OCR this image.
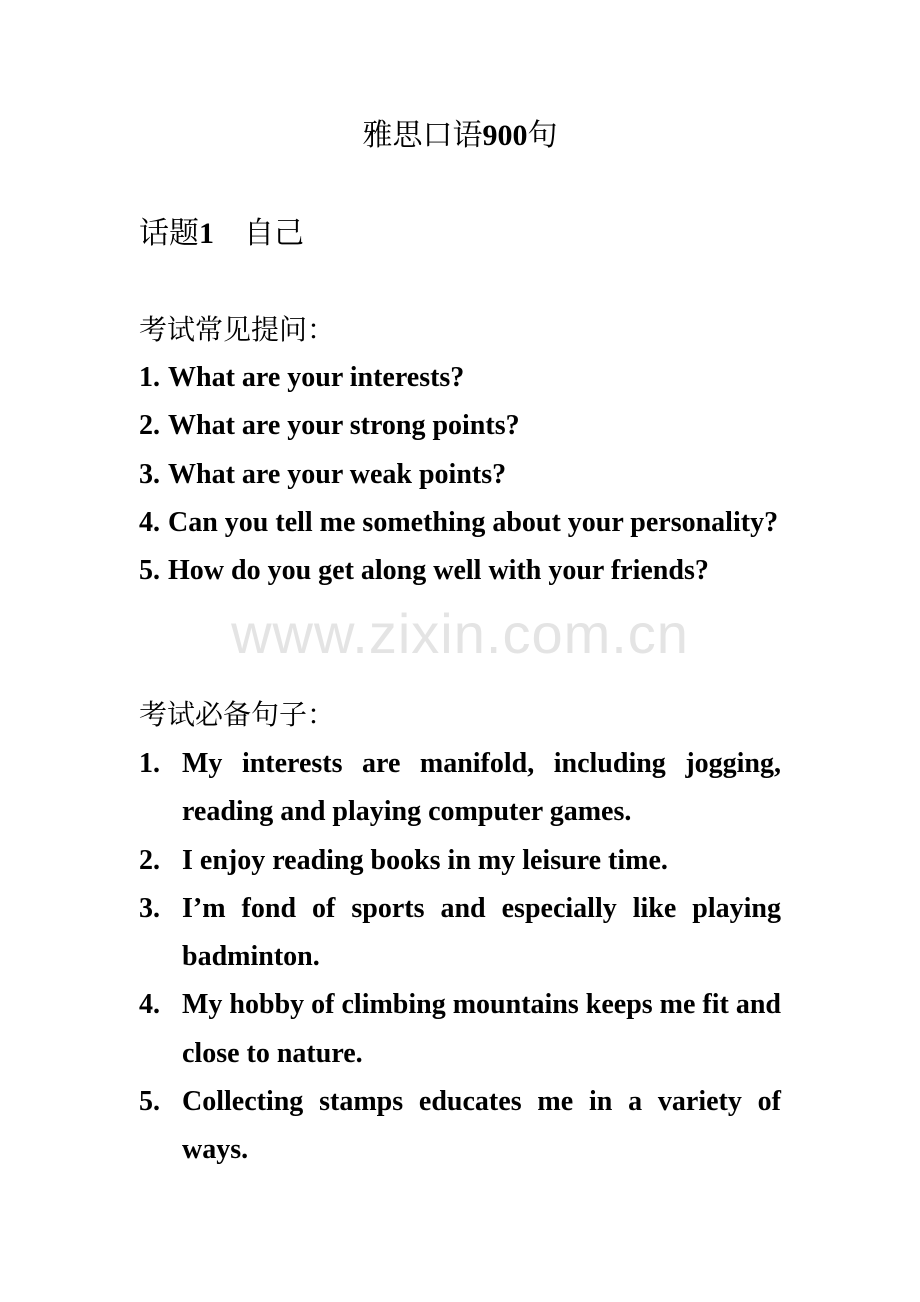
www.zixin.com.cn
雅思口语900句
话题1 自己
考试常见提问：
1. What are your interests?
2. What are your strong points?
3. What are your weak points?
4. Can you tell me something about your personality?
5. How do you get along well with your friends?
考试必备句子：
1. My interests are manifold, including jogging, reading and playing computer games.
2. I enjoy reading books in my leisure time.
3. I’m fond of sports and especially like playing badminton.
4. My hobby of climbing mountains keeps me fit and close to nature.
5. Collecting stamps educates me in a variety of ways.
